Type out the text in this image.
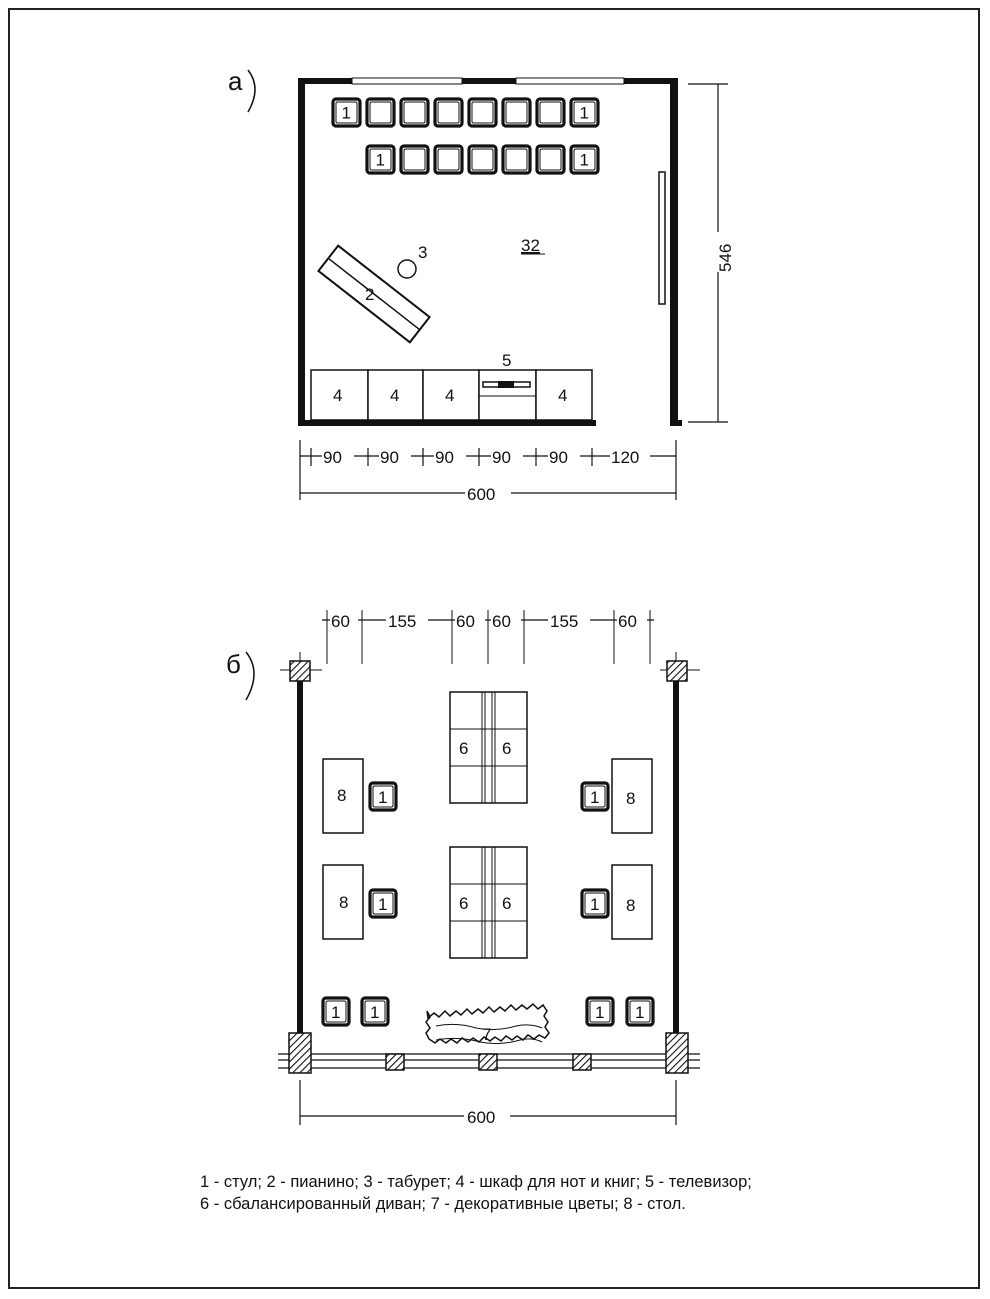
а
1	1
1	1
2
3	32
4	4	4	4
5
546
90 90 90 90 90	120
600
б
60 155 60 60 155 60
6 6
6 6
8
8
8
8
1
1
1
1
1 1	1 1
7
600
1 - стул; 2 - пианино; 3 - табурет; 4 - шкаф для нот и книг; 5 - телевизор;
6 - сбалансированный диван; 7 - декоративные цветы; 8 - стол.
